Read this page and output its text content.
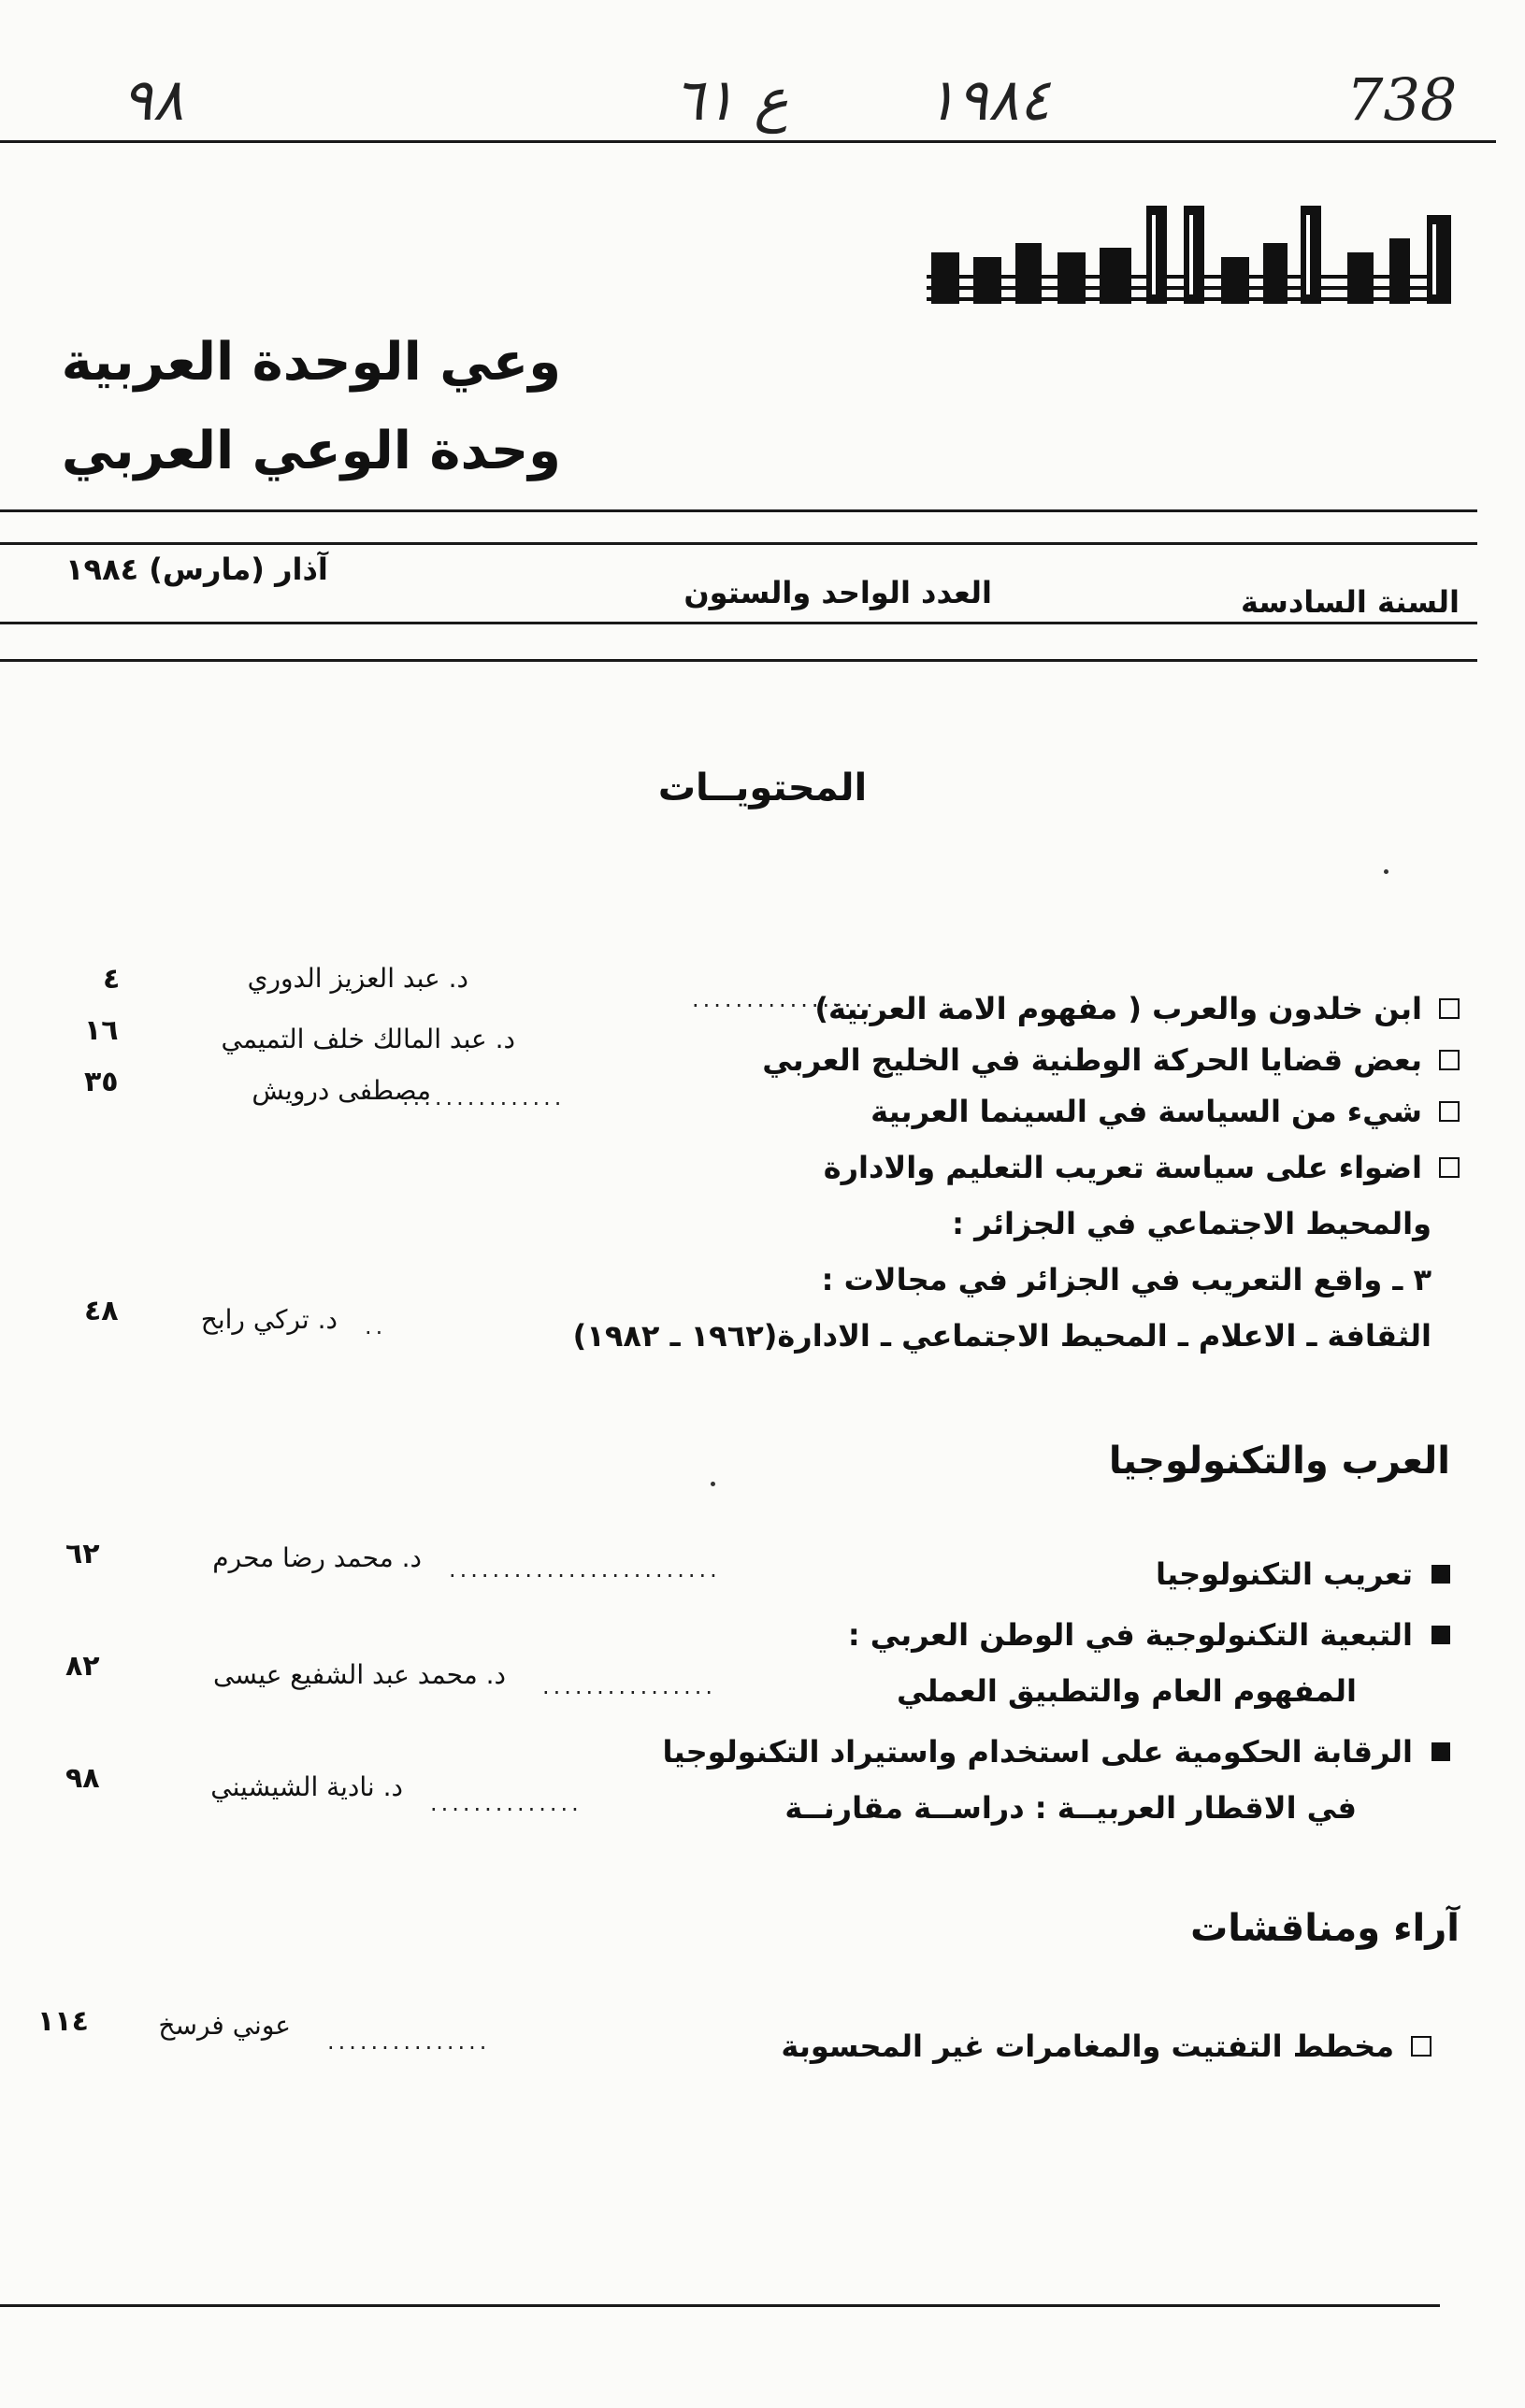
٩٨	ع ٦١ ١٩٨٤	738
وعي الوحدة العربية
وحدة الوعي العربي
السنة السادسة
العدد الواحد والستون
آذار (مارس) ١٩٨٤
المحتويــات
ابن خلدون والعرب ( مفهوم الامة العربية)
.................
د. عبد العزيز الدوري
٤
بعض قضايا الحركة الوطنية في الخليج العربي
د. عبد المالك خلف التميمي
١٦
شيء من السياسة في السينما العربية
...............
مصطفى درويش
٣٥
اضواء على سياسة تعريب التعليم والادارة
والمحيط الاجتماعي في الجزائر :
٣ ـ واقع التعريب في الجزائر في مجالات :
الثقافة ـ الاعلام ـ المحيط الاجتماعي ـ الادارة(١٩٦٢ ـ ١٩٨٢)
..
د. تركي رابح
٤٨
العرب والتكنولوجيا
تعريب التكنولوجيا
.........................
د. محمد رضا محرم
٦٢
التبعية التكنولوجية في الوطن العربي :
المفهوم العام والتطبيق العملي
................
د. محمد عبد الشفيع عيسى
٨٢
الرقابة الحكومية على استخدام واستيراد التكنولوجيا
في الاقطار العربيــة : دراســة مقارنــة
..............
د. نادية الشيشيني
٩٨
آراء ومناقشات
مخطط التفتيت والمغامرات غير المحسوبة
...............
عوني فرسخ
١١٤
